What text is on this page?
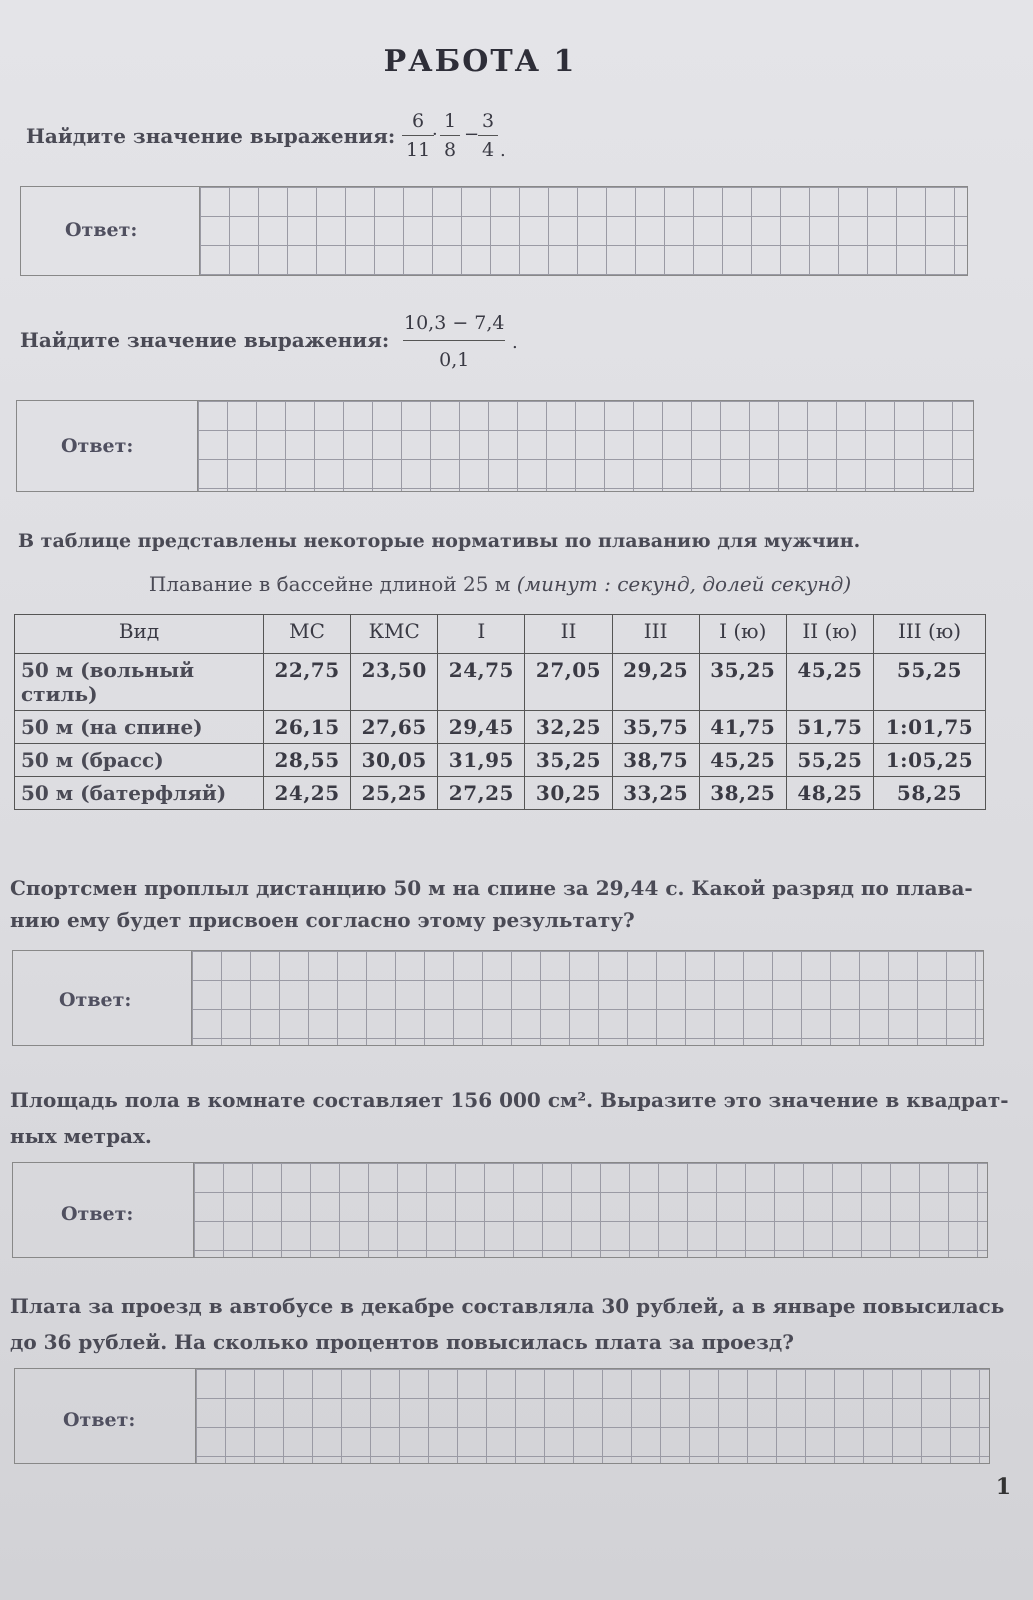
РАБОТА 1
Найдите значение выражения: $\frac{6}{11}$
· $\frac{1}{8}$ −
$\frac{3}{4}$ .
Ответ:
Найдите значение выражения: $\frac{10,3 - 7,4}{0,1}$ .
Ответ:
В таблице представлены некоторые нормативы по плаванию для мужчин.
Плавание в бассейне длиной 25 м (минут : секунд, долей секунд)
Вид	МС	КМС	I	II	III	I (ю)	II (ю)	III (ю)
50 м (вольный стиль)	22,75	23,50	24,75	27,05	29,25	35,25	45,25	55,25
50 м (на спине)	26,15	27,65	29,45	32,25	35,75	41,75	51,75	1:01,75
50 м (брасс)	28,55	30,05	31,95	35,25	38,75	45,25	55,25	1:05,25
50 м (батерфляй)	24,25	25,25	27,25	30,25	33,25	38,25	48,25	58,25
Спортсмен проплыл дистанцию 50 м на спине за 29,44 с. Какой разряд по плава-
нию ему будет присвоен согласно этому результату?
Ответ:
Площадь пола в комнате составляет 156 000 см². Выразите это значение в квадрат-
ных метрах.
Ответ:
Плата за проезд в автобусе в декабре составляла 30 рублей, а в январе повысилась
до 36 рублей. На сколько процентов повысилась плата за проезд?
Ответ:
1
